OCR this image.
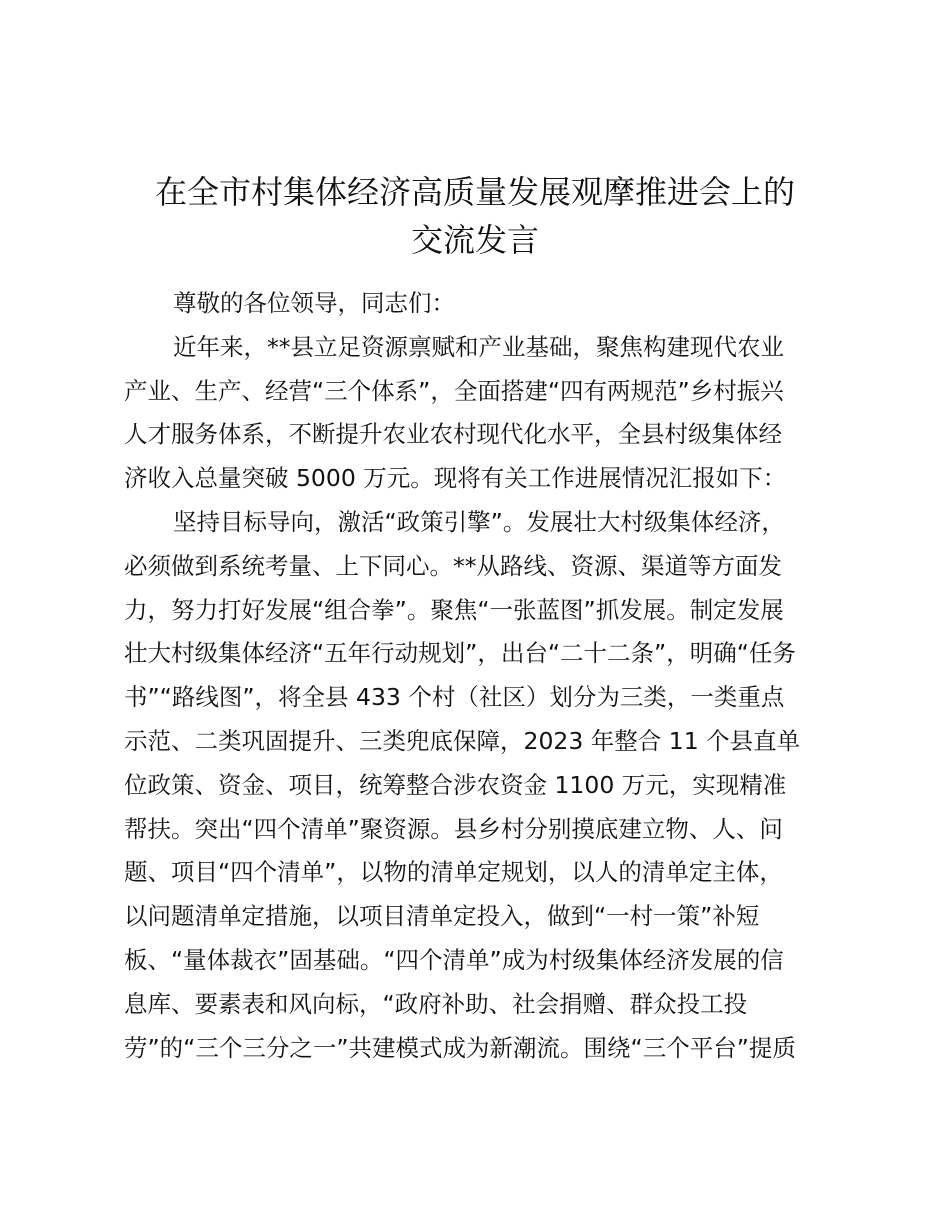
在全市村集体经济高质量发展观摩推进会上的
交流发言
尊敬的各位领导，同志们：
近年来，**县立足资源禀赋和产业基础，聚焦构建现代农业
产业、生产、经营“三个体系”，全面搭建“四有两规范”乡村振兴
人才服务体系，不断提升农业农村现代化水平，全县村级集体经
济收入总量突破 5000 万元。现将有关工作进展情况汇报如下：
坚持目标导向，激活“政策引擎”。发展壮大村级集体经济，
必须做到系统考量、上下同心。**从路线、资源、渠道等方面发
力，努力打好发展“组合拳”。聚焦“一张蓝图”抓发展。制定发展
壮大村级集体经济“五年行动规划”，出台“二十二条”，明确“任务
书”“路线图”，将全县 433 个村（社区）划分为三类，一类重点
示范、二类巩固提升、三类兜底保障，2023 年整合 11 个县直单
位政策、资金、项目，统筹整合涉农资金 1100 万元，实现精准
帮扶。突出“四个清单”聚资源。县乡村分别摸底建立物、人、问
题、项目“四个清单”，以物的清单定规划，以人的清单定主体，
以问题清单定措施，以项目清单定投入，做到“一村一策”补短
板、“量体裁衣”固基础。“四个清单”成为村级集体经济发展的信
息库、要素表和风向标，“政府补助、社会捐赠、群众投工投
劳”的“三个三分之一”共建模式成为新潮流。围绕“三个平台”提质
